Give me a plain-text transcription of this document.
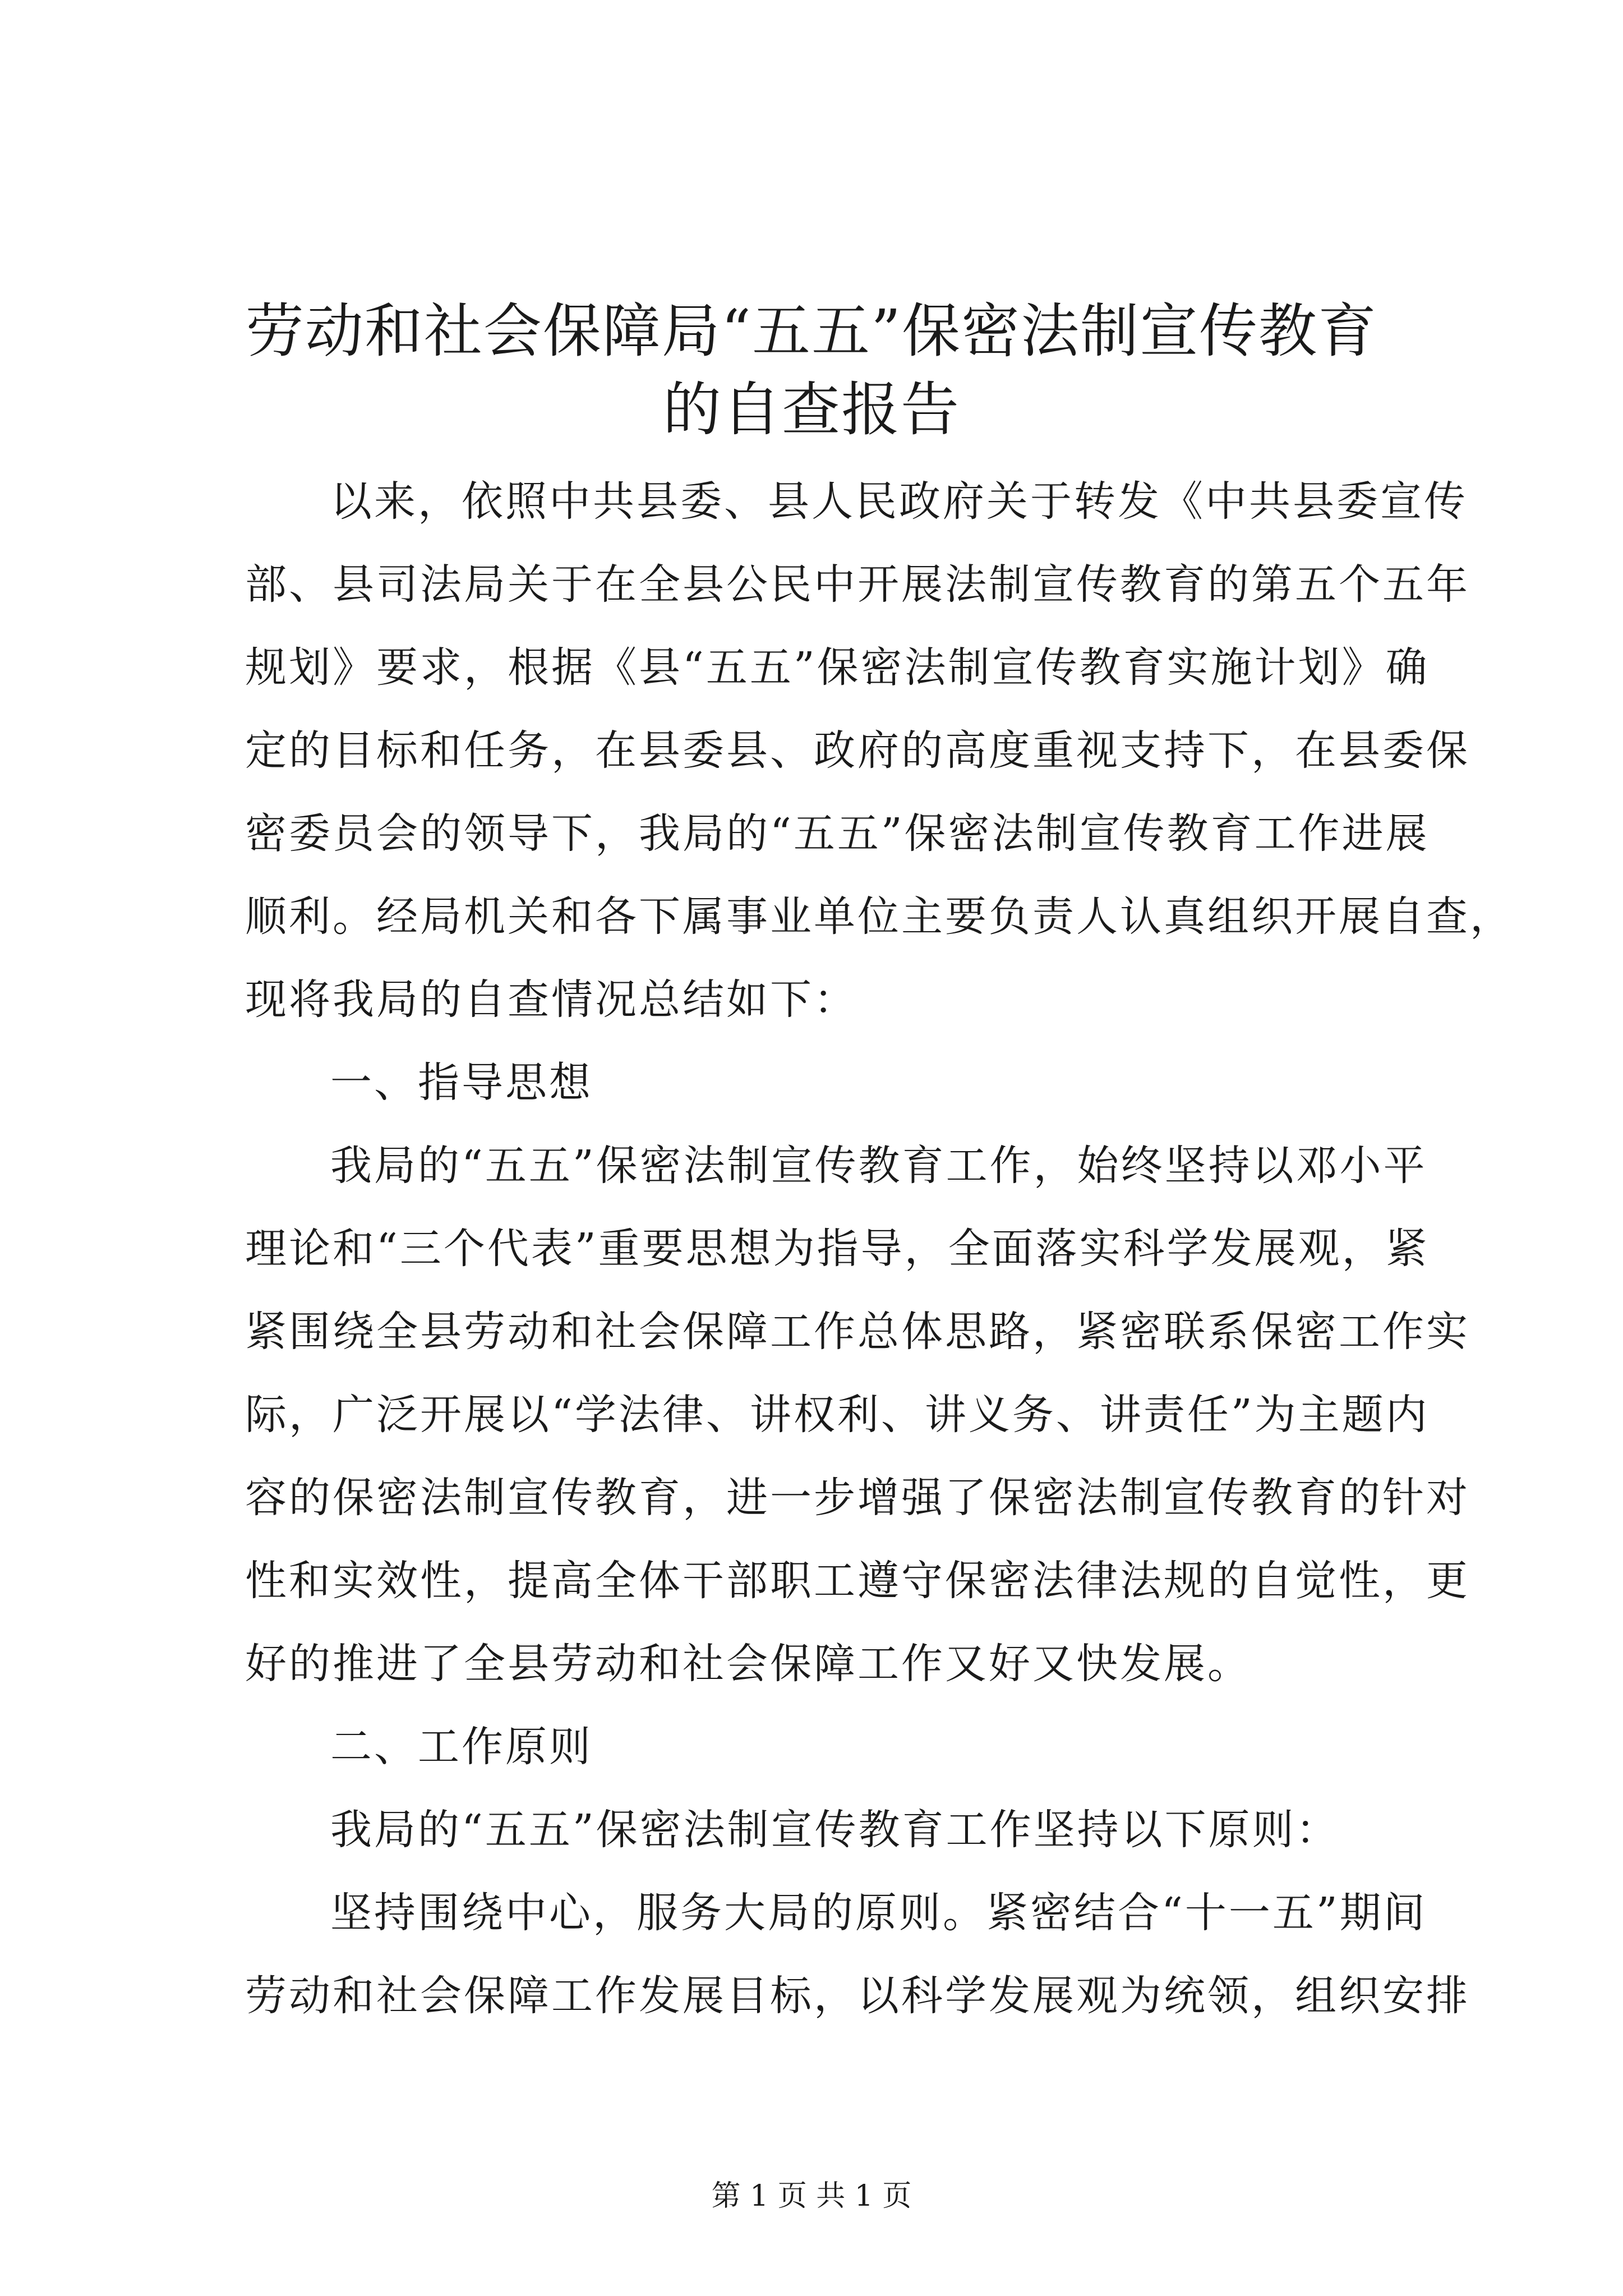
劳动和社会保障局“五五”保密法制宣传教育
的自查报告
以来，依照中共县委、县人民政府关于转发《中共县委宣传
部、县司法局关于在全县公民中开展法制宣传教育的第五个五年
规划》要求，根据《县“五五”保密法制宣传教育实施计划》确
定的目标和任务，在县委县、政府的高度重视支持下，在县委保
密委员会的领导下，我局的“五五”保密法制宣传教育工作进展
顺利。经局机关和各下属事业单位主要负责人认真组织开展自查，
现将我局的自查情况总结如下：
一、指导思想
我局的“五五”保密法制宣传教育工作，始终坚持以邓小平
理论和“三个代表”重要思想为指导，全面落实科学发展观，紧
紧围绕全县劳动和社会保障工作总体思路，紧密联系保密工作实
际，广泛开展以“学法律、讲权利、讲义务、讲责任”为主题内
容的保密法制宣传教育，进一步增强了保密法制宣传教育的针对
性和实效性，提高全体干部职工遵守保密法律法规的自觉性，更
好的推进了全县劳动和社会保障工作又好又快发展。
二、工作原则
我局的“五五”保密法制宣传教育工作坚持以下原则：
坚持围绕中心，服务大局的原则。紧密结合“十一五”期间
劳动和社会保障工作发展目标，以科学发展观为统领，组织安排
第 1 页 共 1 页
